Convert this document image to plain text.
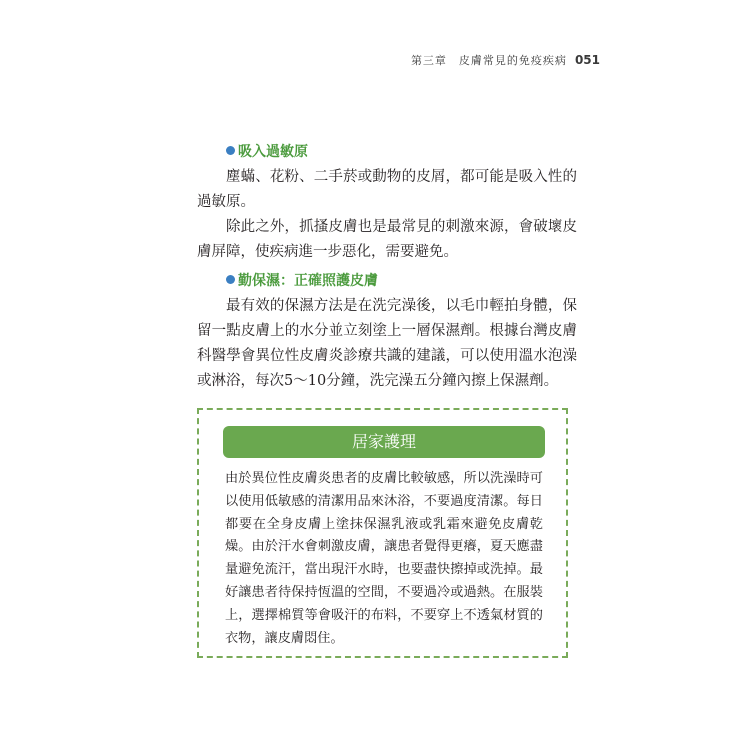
第三章　皮膚常見的免疫疾病 051
吸入過敏原

塵蟎、花粉、二手菸或動物的皮屑，都可能是吸入性的過敏原。

除此之外，抓搔皮膚也是最常見的刺激來源，會破壞皮膚屏障，使疾病進一步惡化，需要避免。

勤保濕：正確照護皮膚

最有效的保濕方法是在洗完澡後，以毛巾輕拍身體，保留一點皮膚上的水分並立刻塗上一層保濕劑。根據台灣皮膚科醫學會異位性皮膚炎診療共識的建議，可以使用溫水泡澡或淋浴，每次5～10分鐘，洗完澡五分鐘內擦上保濕劑。

居家護理

由於異位性皮膚炎患者的皮膚比較敏感，所以洗澡時可以使用低敏感的清潔用品來沐浴，不要過度清潔。每日都要在全身皮膚上塗抹保濕乳液或乳霜來避免皮膚乾燥。由於汗水會刺激皮膚，讓患者覺得更癢，夏天應盡量避免流汗，當出現汗水時，也要盡快擦掉或洗掉。最好讓患者待保持恆溫的空間，不要過冷或過熱。在服裝上，選擇棉質等會吸汗的布料，不要穿上不透氣材質的衣物，讓皮膚悶住。
